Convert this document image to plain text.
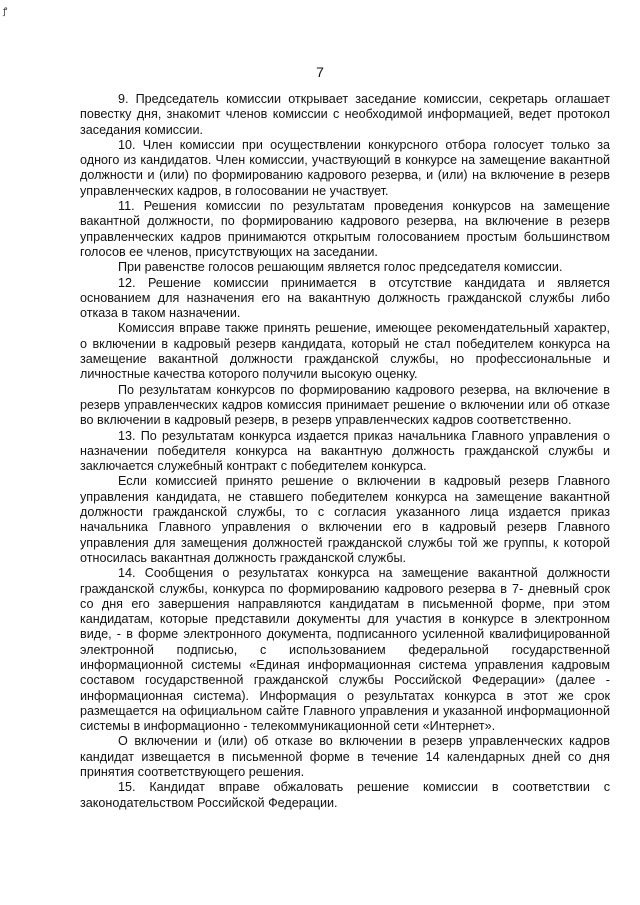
ꝭ
7

9. Председатель комиссии открывает заседание комиссии, секретарь оглашает повестку дня, знакомит членов комиссии с необходимой информацией, ведет протокол заседания комиссии.

10. Член комиссии при осуществлении конкурсного отбора голосует только за одного из кандидатов. Член комиссии, участвующий в конкурсе на замещение вакантной должности и (или) по формированию кадрового резерва, и (или) на включение в резерв управленческих кадров, в голосовании не участвует.

11. Решения комиссии по результатам проведения конкурсов на замещение вакантной должности, по формированию кадрового резерва, на включение в резерв управленческих кадров принимаются открытым голосованием простым большинством голосов ее членов, присутствующих на заседании.

При равенстве голосов решающим является голос председателя комиссии.

12. Решение комиссии принимается в отсутствие кандидата и является основанием для назначения его на вакантную должность гражданской службы либо отказа в таком назначении.

Комиссия вправе также принять решение, имеющее рекомендательный характер, о включении в кадровый резерв кандидата, который не стал победителем конкурса на замещение вакантной должности гражданской службы, но профессиональные и личностные качества которого получили высокую оценку.

По результатам конкурсов по формированию кадрового резерва, на включение в резерв управленческих кадров комиссия принимает решение о включении или об отказе во включении в кадровый резерв, в резерв управленческих кадров соответственно.

13. По результатам конкурса издается приказ начальника Главного управления о назначении победителя конкурса на вакантную должность гражданской службы и заключается служебный контракт с победителем конкурса.

Если комиссией принято решение о включении в кадровый резерв Главного управления кандидата, не ставшего победителем конкурса на замещение вакантной должности гражданской службы, то с согласия указанного лица издается приказ начальника Главного управления о включении его в кадровый резерв Главного управления для замещения должностей гражданской службы той же группы, к которой относилась вакантная должность гражданской службы.

14. Сообщения о результатах конкурса на замещение вакантной должности гражданской службы, конкурса по формированию кадрового резерва в 7- дневный срок со дня его завершения направляются кандидатам в письменной форме, при этом кандидатам, которые представили документы для участия в конкурсе в электронном виде, - в форме электронного документа, подписанного усиленной квалифицированной электронной подписью, с использованием федеральной государственной информационной системы «Единая информационная система управления кадровым составом государственной гражданской службы Российской Федерации» (далее - информационная система). Информация о результатах конкурса в этот же срок размещается на официальном сайте Главного управления и указанной информационной системы в информационно - телекоммуникационной сети «Интернет».

О включении и (или) об отказе во включении в резерв управленческих кадров кандидат извещается в письменной форме в течение 14 календарных дней со дня принятия соответствующего решения.

15. Кандидат вправе обжаловать решение комиссии в соответствии с законодательством Российской Федерации.
